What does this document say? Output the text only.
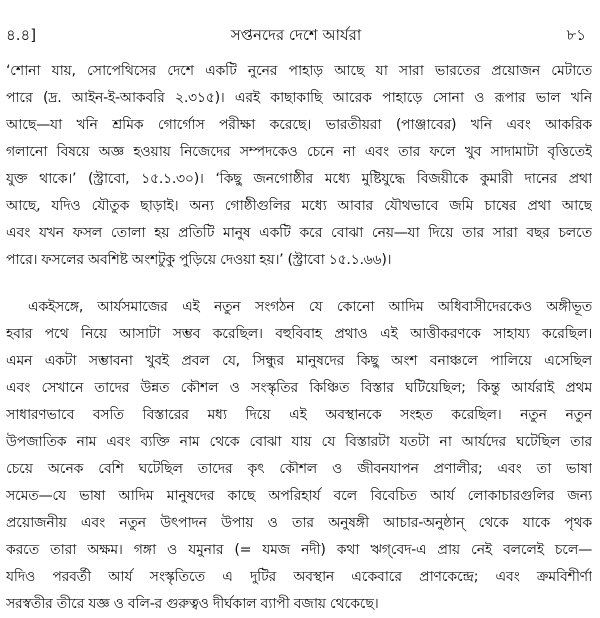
৪.৪]	সপ্তনদের দেশে আর্যরা	৮১
‘শোনা যায়, সোপেথিসের দেশে একটি নুনের পাহাড় আছে যা সারা ভারতের প্রয়োজন মেটাতে
পারে (দ্র. আইন-ই-আকবরি ২.৩১৫)। এরই কাছাকাছি আরেক পাহাড়ে সোনা ও রূপার ভাল খনি
আছে—যা খনি শ্রমিক গোর্গোস পরীক্ষা করেছে। ভারতীয়রা (পাঞ্জাবের) খনি এবং আকরিক
গলানো বিষয়ে অজ্ঞ হওয়ায় নিজেদের সম্পদকেও চেনে না এবং তার ফলে খুব সাদামাটা বৃত্তিতেই
যুক্ত থাকে।’ (স্ট্রাবো, ১৫.১.৩০)। ‘কিছু জনগোষ্ঠীর মধ্যে মুষ্টিযুদ্ধে বিজয়ীকে কুমারী দানের প্রথা
আছে, যদিও যৌতুক ছাড়াই। অন্য গোষ্ঠীগুলির মধ্যে আবার যৌথভাবে জমি চাষের প্রথা আছে
এবং যখন ফসল তোলা হয় প্রতিটি মানুষ একটি করে বোঝা নেয়—যা দিয়ে তার সারা বছর চলতে
পারে। ফসলের অবশিষ্ট অংশটুকু পুড়িয়ে দেওয়া হয়।’ (স্ট্রাবো ১৫.১.৬৬)।
একইসঙ্গে, আর্যসমাজের এই নতুন সংগঠন যে কোনো আদিম অধিবাসীদেরকেও অঙ্গীভূত
হবার পথে নিয়ে আসাটা সম্ভব করেছিল। বহুবিবাহ প্রথাও এই আত্তীকরণকে সাহায্য করেছিল।
এমন একটা সম্ভাবনা খুবই প্রবল যে, সিন্ধুর মানুষদের কিছু অংশ বনাঞ্চলে পালিয়ে এসেছিল
এবং সেখানে তাদের উন্নত কৌশল ও সংস্কৃতির কিঞ্চিত বিস্তার ঘটিয়েছিল; কিন্তু আর্যরাই প্রথম
সাধারণভাবে বসতি বিস্তারের মধ্য দিয়ে এই অবস্থানকে সংহত করেছিল। নতুন নতুন
উপজাতিক নাম এবং ব্যক্তি নাম থেকে বোঝা যায় যে বিস্তারটা যতটা না আর্যদের ঘটেছিল তার
চেয়ে অনেক বেশি ঘটেছিল তাদের কৃৎ কৌশল ও জীবনযাপন প্রণালীর; এবং তা ভাষা
সমেত—যে ভাষা আদিম মানুষদের কাছে অপরিহার্য বলে বিবেচিত আর্য লোকাচারগুলির জন্য
প্রয়োজনীয় এবং নতুন উৎপাদন উপায় ও তার অনুষঙ্গী আচার-অনুষ্ঠান্ থেকে যাকে পৃথক
করতে তারা অক্ষম। গঙ্গা ও যমুনার (= যমজ নদী) কথা ঋগ্‌বেদ-এ প্রায় নেই বললেই চলে—
যদিও পরবর্তী আর্য সংস্কৃতিতে এ দুটির অবস্থান একেবারে প্রাণকেন্দ্রে; এবং ক্রমবিশীর্ণা
সরস্বতীর তীরে যজ্ঞ ও বলি-র গুরুত্বও দীর্ঘকাল ব্যাপী বজায় থেকেছে।
